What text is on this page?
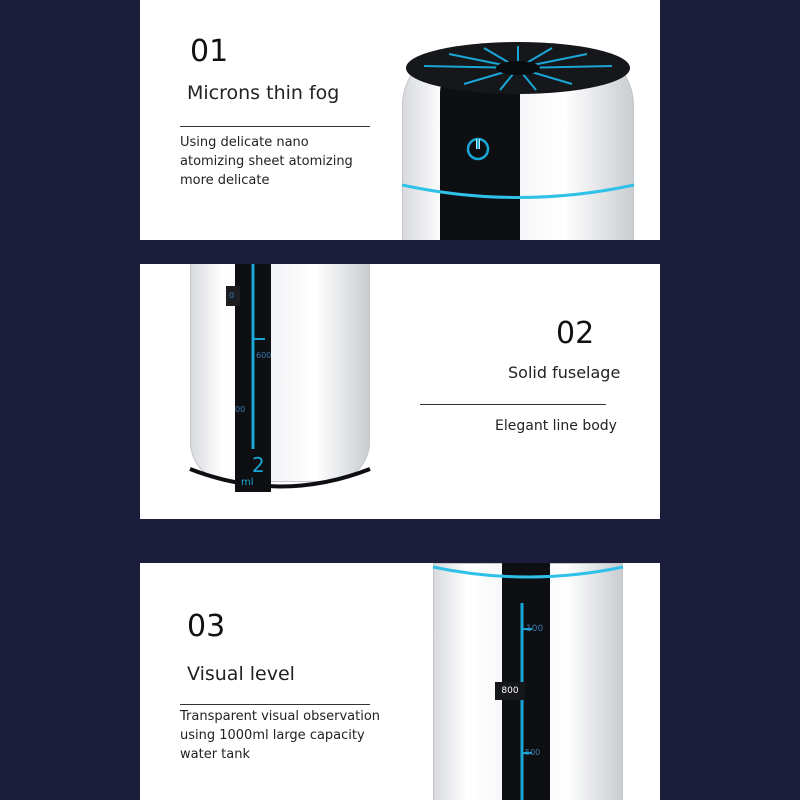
01
Microns thin fog
Using delicate nano
atomizing sheet atomizing
more delicate
0
600
00
2
ml
02
Solid fuselage
Elegant line body
03
Visual level
Transparent visual observation
using 1000ml large capacity
water tank
100
800
500
